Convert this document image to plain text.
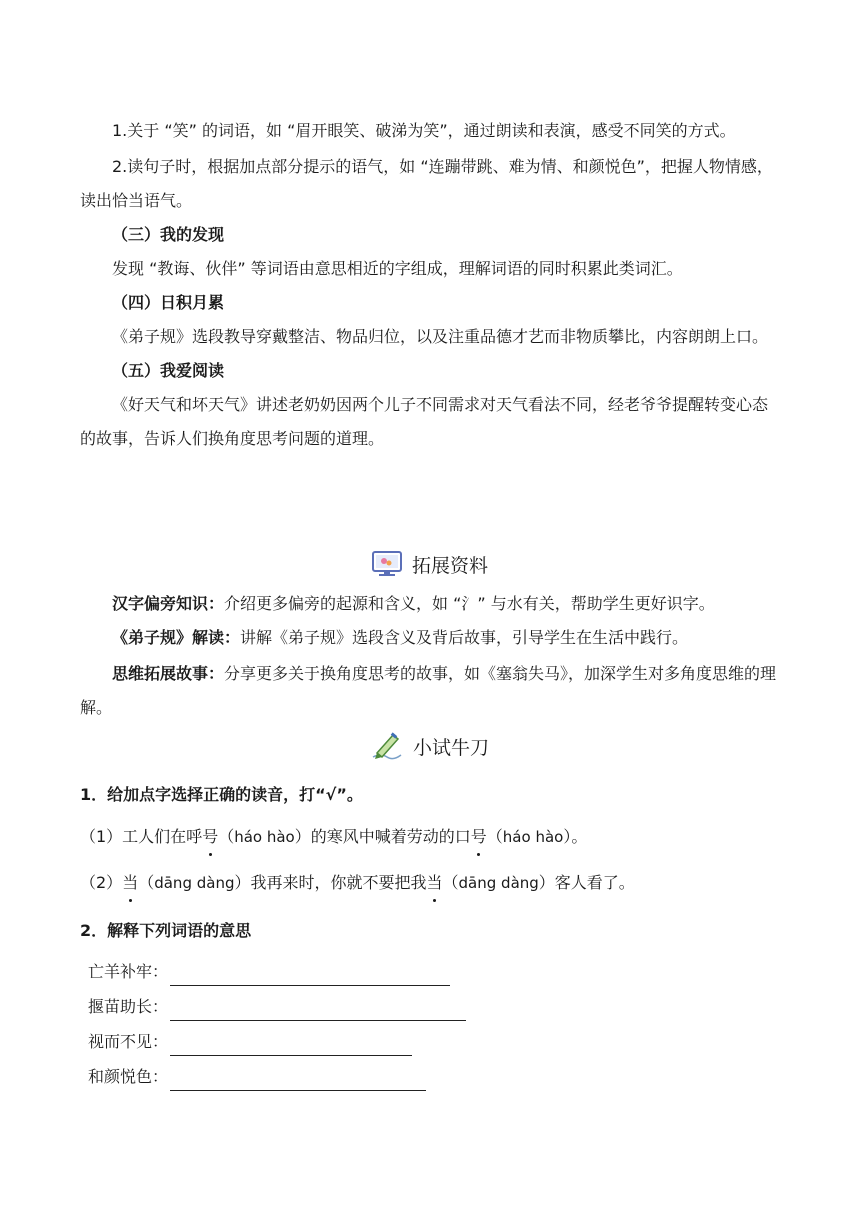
1.关于 “笑” 的词语，如 “眉开眼笑、破涕为笑”，通过朗读和表演，感受不同笑的方式。

2.读句子时，根据加点部分提示的语气，如 “连蹦带跳、难为情、和颜悦色”，把握人物情感，读出恰当语气。

（三）我的发现

发现 “教诲、伙伴” 等词语由意思相近的字组成，理解词语的同时积累此类词汇。

（四）日积月累

《弟子规》选段教导穿戴整洁、物品归位，以及注重品德才艺而非物质攀比，内容朗朗上口。

（五）我爱阅读

《好天气和坏天气》讲述老奶奶因两个儿子不同需求对天气看法不同，经老爷爷提醒转变心态的故事，告诉人们换角度思考问题的道理。

拓展资料
汉字偏旁知识：介绍更多偏旁的起源和含义，如 “氵” 与水有关，帮助学生更好识字。
《弟子规》解读：讲解《弟子规》选段含义及背后故事，引导学生在生活中践行。
思维拓展故事：分享更多关于换角度思考的故事，如《塞翁失马》，加深学生对多角度思维的理解。
小试牛刀
1．给加点字选择正确的读音，打“√”。
（1）工人们在呼号（háo hào）的寒风中喊着劳动的口号（háo hào）。
（2）当（dāng dàng）我再来时，你就不要把我当（dāng dàng）客人看了。
2．解释下列词语的意思
亡羊补牢：
揠苗助长：
视而不见：
和颜悦色：
